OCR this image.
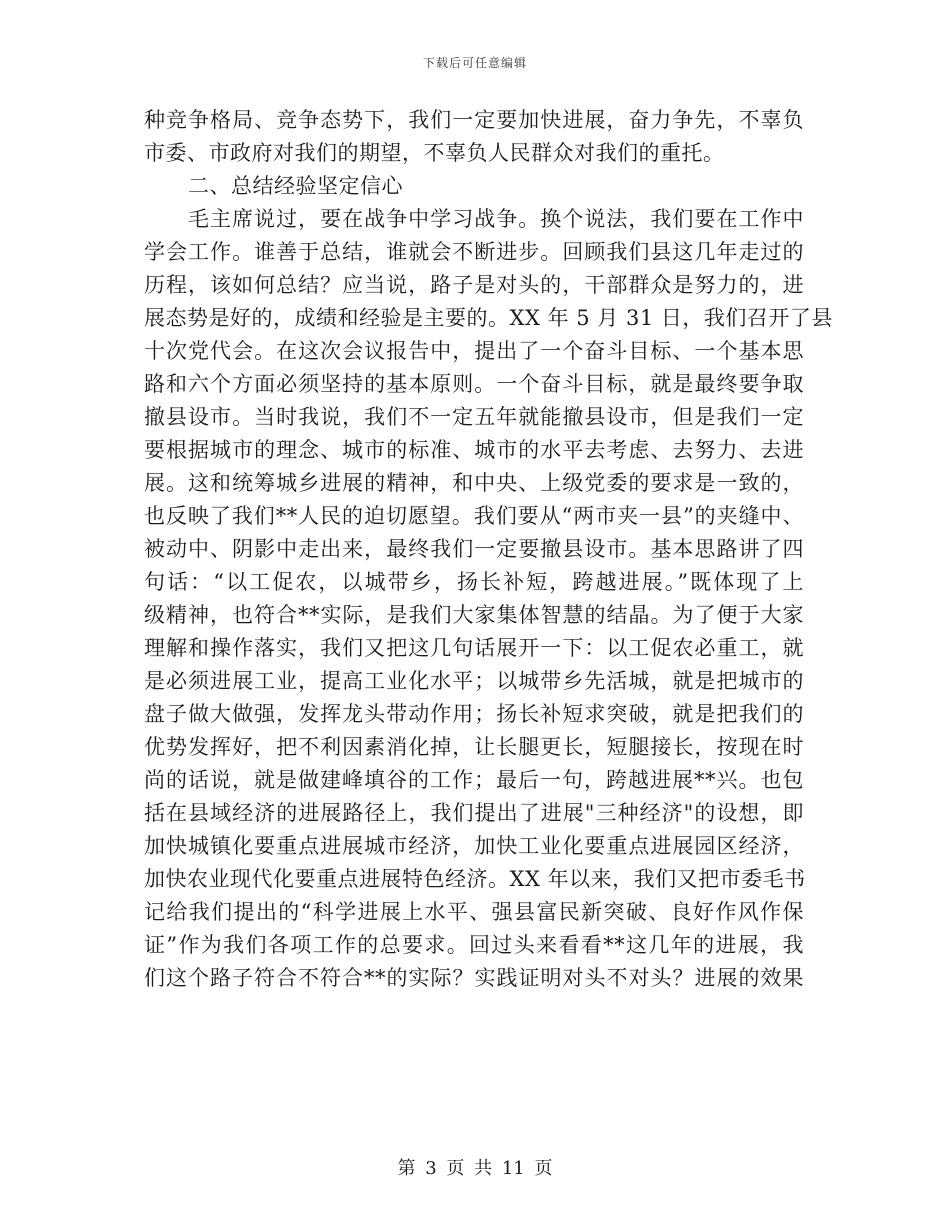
下载后可任意编辑
种竞争格局、竞争态势下，我们一定要加快进展，奋力争先，不辜负
市委、市政府对我们的期望，不辜负人民群众对我们的重托。
二、总结经验坚定信心
毛主席说过，要在战争中学习战争。换个说法，我们要在工作中
学会工作。谁善于总结，谁就会不断进步。回顾我们县这几年走过的
历程，该如何总结？应当说，路子是对头的，干部群众是努力的，进
展态势是好的，成绩和经验是主要的。XX 年 5 月 31 日，我们召开了县
十次党代会。在这次会议报告中，提出了一个奋斗目标、一个基本思
路和六个方面必须坚持的基本原则。一个奋斗目标，就是最终要争取
撤县设市。当时我说，我们不一定五年就能撤县设市，但是我们一定
要根据城市的理念、城市的标准、城市的水平去考虑、去努力、去进
展。这和统筹城乡进展的精神，和中央、上级党委的要求是一致的，
也反映了我们**人民的迫切愿望。我们要从“两市夹一县”的夹缝中、
被动中、阴影中走出来，最终我们一定要撤县设市。基本思路讲了四
句话：“以工促农，以城带乡，扬长补短，跨越进展。”既体现了上
级精神，也符合**实际，是我们大家集体智慧的结晶。为了便于大家
理解和操作落实，我们又把这几句话展开一下：以工促农必重工，就
是必须进展工业，提高工业化水平；以城带乡先活城，就是把城市的
盘子做大做强，发挥龙头带动作用；扬长补短求突破，就是把我们的
优势发挥好，把不利因素消化掉，让长腿更长，短腿接长，按现在时
尚的话说，就是做建峰填谷的工作；最后一句，跨越进展**兴。也包
括在县域经济的进展路径上，我们提出了进展"三种经济"的设想，即
加快城镇化要重点进展城市经济，加快工业化要重点进展园区经济，
加快农业现代化要重点进展特色经济。XX 年以来，我们又把市委毛书
记给我们提出的“科学进展上水平、强县富民新突破、良好作风作保
证”作为我们各项工作的总要求。回过头来看看**这几年的进展，我
们这个路子符合不符合**的实际？实践证明对头不对头？进展的效果
第 3 页 共 11 页
